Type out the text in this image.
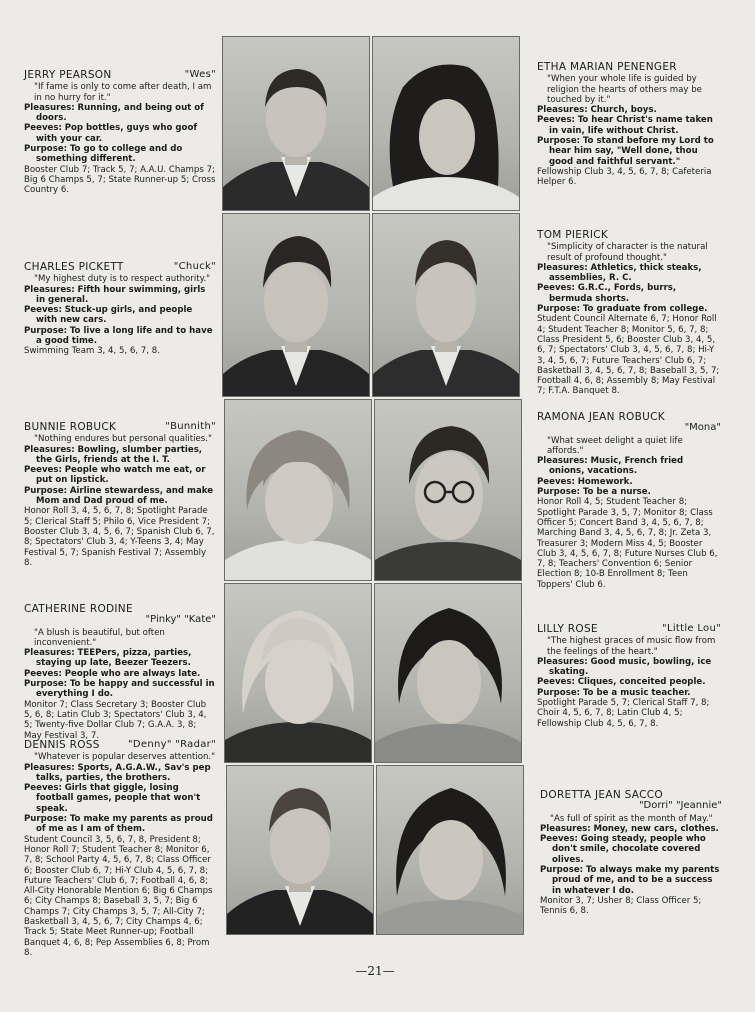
JERRY PEARSON	"Wes"
"If fame is only to come after death, I am in no hurry for it."
Pleasures: Running, and being out of doors.
Peeves: Pop bottles, guys who goof with your car.
Purpose: To go to college and do something different.
Booster Club 7; Track 5, 7; A.A.U. Champs 7; Big 6 Champs 5, 7; State Runner-up 5; Cross Country 6.
CHARLES PICKETT	"Chuck"
"My highest duty is to respect authority."
Pleasures: Fifth hour swimming, girls in general.
Peeves: Stuck-up girls, and people with new cars.
Purpose: To live a long life and to have a good time.
Swimming Team 3, 4, 5, 6, 7, 8.
BUNNIE ROBUCK	"Bunnith"
"Nothing endures but personal qualities."
Pleasures: Bowling, slumber parties, the Girls, friends at the I. T.
Peeves: People who watch me eat, or put on lipstick.
Purpose: Airline stewardess, and make Mom and Dad proud of me.
Honor Roll 3, 4, 5, 6, 7, 8; Spotlight Parade 5; Clerical Staff 5; Philo 6, Vice President 7; Booster Club 3, 4, 5, 6, 7; Spanish Club 6, 7, 8; Spectators' Club 3, 4; Y-Teens 3, 4; May Festival 5, 7; Spanish Festival 7; Assembly 8.
CATHERINE RODINE
"Pinky" "Kate"
"A blush is beautiful, but often inconvenient."
Pleasures: TEEPers, pizza, parties, staying up late, Beezer Teezers.
Peeves: People who are always late.
Purpose: To be happy and successful in everything I do.
Monitor 7; Class Secretary 3; Booster Club 5, 6, 8; Latin Club 3; Spectators' Club 3, 4, 5; Twenty-five Dollar Club 7; G.A.A. 3, 8; May Festival 3, 7.
DENNIS ROSS	"Denny" "Radar"
"Whatever is popular deserves attention."
Pleasures: Sports, A.G.A.W., Sav's pep talks, parties, the brothers.
Peeves: Girls that giggle, losing football games, people that won't speak.
Purpose: To make my parents as proud of me as I am of them.
Student Council 3, 5, 6, 7, 8, President 8; Honor Roll 7; Student Teacher 8; Monitor 6, 7, 8; School Party 4, 5, 6, 7, 8; Class Officer 6; Booster Club 6, 7; Hi-Y Club 4, 5, 6, 7, 8; Future Teachers' Club 6, 7; Football 4, 6, 8; All-City Honorable Mention 6; Big 6 Champs 6; City Champs 8; Baseball 3, 5, 7; Big 6 Champs 7; City Champs 3, 5, 7; All-City 7; Basketball 3, 4, 5, 6, 7; City Champs 4, 6; Track 5; State Meet Runner-up; Football Banquet 4, 6, 8; Pep Assemblies 6, 8; Prom 8.
ETHA MARIAN PENENGER
"When your whole life is guided by religion the hearts of others may be touched by it."
Pleasures: Church, boys.
Peeves: To hear Christ's name taken in vain, life without Christ.
Purpose: To stand before my Lord to hear him say, "Well done, thou good and faithful servant."
Fellowship Club 3, 4, 5, 6, 7, 8; Cafeteria Helper 6.
TOM PIERICK
"Simplicity of character is the natural result of profound thought."
Pleasures: Athletics, thick steaks, assemblies, R. C.
Peeves: G.R.C., Fords, burrs, bermuda shorts.
Purpose: To graduate from college.
Student Council Alternate 6, 7; Honor Roll 4; Student Teacher 8; Monitor 5, 6, 7, 8; Class President 5, 6; Booster Club 3, 4, 5, 6, 7; Spectators' Club 3, 4, 5, 6, 7, 8; Hi-Y 3, 4, 5, 6, 7; Future Teachers' Club 6, 7; Basketball 3, 4, 5, 6, 7, 8; Baseball 3, 5, 7; Football 4, 6, 8; Assembly 8; May Festival 7; F.T.A. Banquet 8.
RAMONA JEAN ROBUCK
"Mona"
"What sweet delight a quiet life affords."
Pleasures: Music, French fried onions, vacations.
Peeves: Homework.
Purpose: To be a nurse.
Honor Roll 4, 5; Student Teacher 8; Spotlight Parade 3, 5, 7; Monitor 8; Class Officer 5; Concert Band 3, 4, 5, 6, 7, 8; Marching Band 3, 4, 5, 6, 7, 8; Jr. Zeta 3, Treasurer 3; Modern Miss 4, 5; Booster Club 3, 4, 5, 6, 7, 8; Future Nurses Club 6, 7, 8; Teachers' Convention 6; Senior Election 8; 10-B Enrollment 8; Teen Toppers' Club 6.
LILLY ROSE	"Little Lou"
"The highest graces of music flow from the feelings of the heart."
Pleasures: Good music, bowling, ice skating.
Peeves: Cliques, conceited people.
Purpose: To be a music teacher.
Spotlight Parade 5, 7; Clerical Staff 7, 8; Choir 4, 5, 6, 7, 8; Latin Club 4, 5; Fellowship Club 4, 5, 6, 7, 8.
DORETTA JEAN SACCO
"Dorri" "Jeannie"
"As full of spirit as the month of May."
Pleasures: Money, new cars, clothes.
Peeves: Going steady, people who don't smile, chocolate covered olives.
Purpose: To always make my parents proud of me, and to be a success in whatever I do.
Monitor 3, 7; Usher 8; Class Officer 5; Tennis 6, 8.
—21—
